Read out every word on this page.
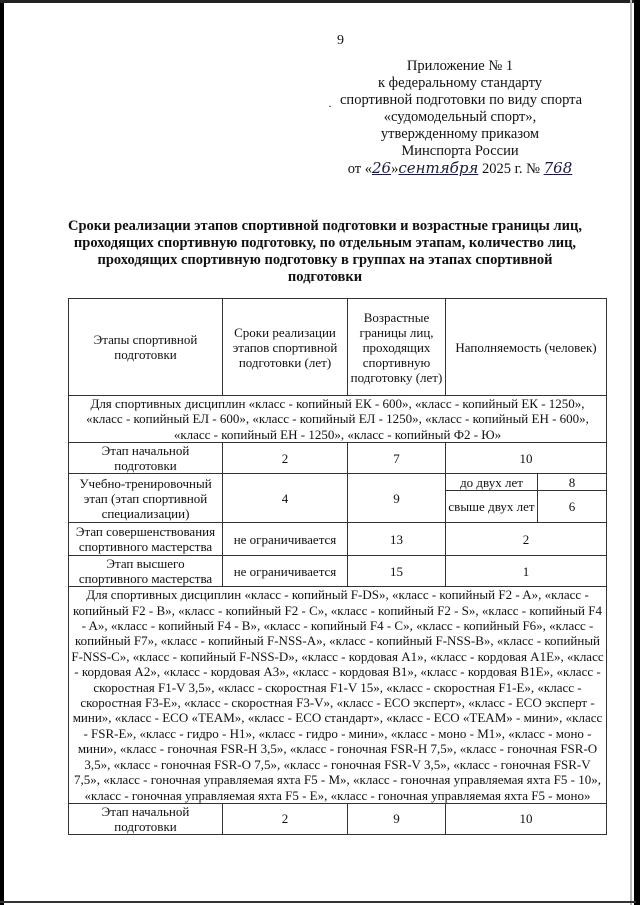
9
·
Приложение № 1
к федеральному стандарту
спортивной подготовки по виду спорта
«судомодельный спорт»,
утвержденному приказом
Минспорта России
от «26»сентября 2025 г. № 768
Сроки реализации этапов спортивной подготовки и возрастные границы лиц, проходящих спортивную подготовку, по отдельным этапам, количество лиц, проходящих спортивную подготовку в группах на этапах спортивной подготовки
Этапы спортивной подготовки	Сроки реализации этапов спортивной подготовки (лет)	Возрастные границы лиц, проходящих спортивную подготовку (лет)	Наполняемость (человек)	
Для спортивных дисциплин «класс - копийный ЕК - 600», «класс - копийный ЕК - 1250», «класс - копийный ЕЛ - 600», «класс - копийный ЕЛ - 1250», «класс - копийный ЕН - 600», «класс - копийный ЕН - 1250», «класс - копийный Ф2 - Ю»				
Этап начальной подготовки	2	7	10	
Учебно-тренировочный этап (этап спортивной специализации)	4	9	до двух лет	8
			свыше двух лет	6
Этап совершенствования спортивного мастерства	не ограничивается	13	2	
Этап высшего спортивного мастерства	не ограничивается	15	1	
Для спортивных дисциплин «класс - копийный F-DS», «класс - копийный F2 - A», «класс - копийный F2 - B», «класс - копийный F2 - C», «класс - копийный F2 - S», «класс - копийный F4 - A», «класс - копийный F4 - B», «класс - копийный F4 - C», «класс - копийный F6», «класс - копийный F7», «класс - копийный F-NSS-A», «класс - копийный F-NSS-B», «класс - копийный F-NSS-C», «класс - копийный F-NSS-D», «класс - кордовая A1», «класс - кордовая A1E», «класс - кордовая A2», «класс - кордовая A3», «класс - кордовая B1», «класс - кордовая B1E», «класс - скоростная F1-V 3,5», «класс - скоростная F1-V 15», «класс - скоростная F1-E», «класс - скоростная F3-E», «класс - скоростная F3-V», «класс - ECO эксперт», «класс - ECO эксперт - мини», «класс - ECO «TEAM», «класс - ECO стандарт», «класс - ECO «TEAM» - мини», «класс - FSR-E», «класс - гидро - H1», «класс - гидро - мини», «класс - моно - M1», «класс - моно - мини», «класс - гоночная FSR-H 3,5», «класс - гоночная FSR-H 7,5», «класс - гоночная FSR-O 3,5», «класс - гоночная FSR-O 7,5», «класс - гоночная FSR-V 3,5», «класс - гоночная FSR-V 7,5», «класс - гоночная управляемая яхта F5 - M», «класс - гоночная управляемая яхта F5 - 10», «класс - гоночная управляемая яхта F5 - E», «класс - гоночная управляемая яхта F5 - моно»				
Этап начальной подготовки	2	9	10	
